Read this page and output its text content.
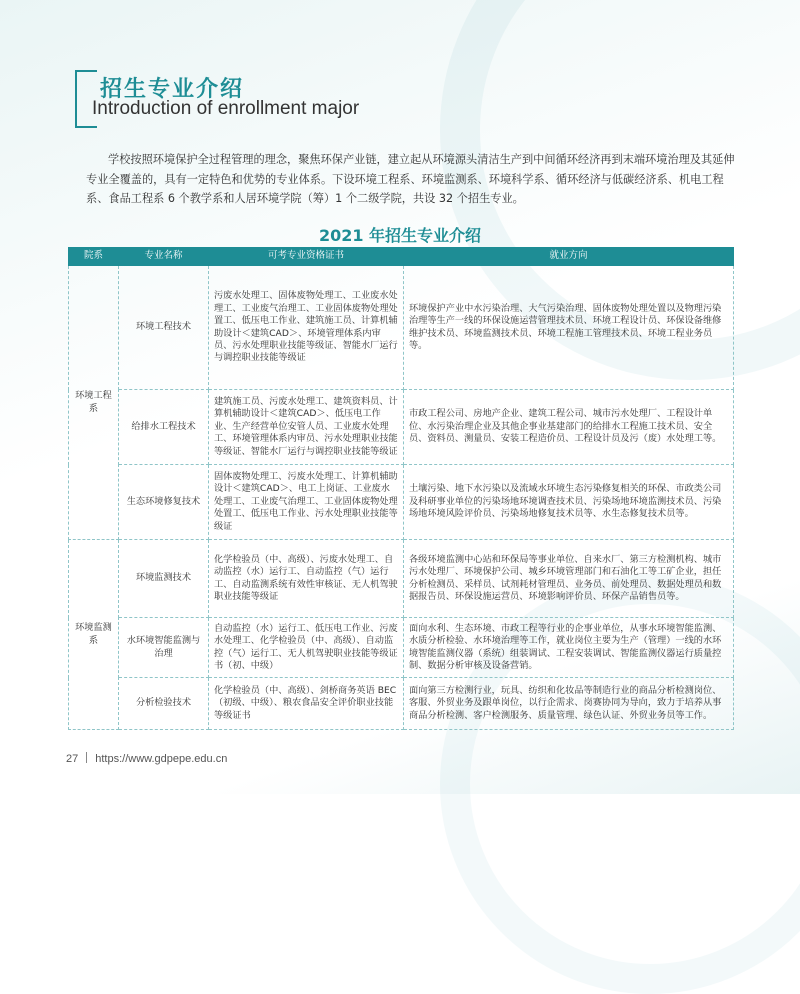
招生专业介绍
Introduction of enrollment major

学校按照环境保护全过程管理的理念，聚焦环保产业链，建立起从环境源头清洁生产到中间循环经济再到末端环境治理及其延伸专业全覆盖的，具有一定特色和优势的专业体系。下设环境工程系、环境监测系、环境科学系、循环经济与低碳经济系、机电工程系、食品工程系 6 个教学系和人居环境学院（筹）1 个二级学院，共设 32 个招生专业。

2021 年招生专业介绍
院系	专业名称	可考专业资格证书	就业方向
环境工程系	环境工程技术	污废水处理工、固体废物处理工、工业废水处理工、工业废气治理工、工业固体废物处理处置工、低压电工作业、建筑施工员、计算机辅助设计＜建筑CAD＞、环境管理体系内审员、污水处理职业技能等级证、智能水厂运行与调控职业技能等级证	环境保护产业中水污染治理、大气污染治理、固体废物处理处置以及物理污染治理等生产一线的环保设施运营管理技术员、环境工程设计员、环保设备维修维护技术员、环境监测技术员、环境工程施工管理技术员、环境工程业务员等。
	给排水工程技术	建筑施工员、污废水处理工、建筑资料员、计算机辅助设计＜建筑CAD＞、低压电工作业、生产经营单位安管人员、工业废水处理工、环境管理体系内审员、污水处理职业技能等级证、智能水厂运行与调控职业技能等级证	市政工程公司、房地产企业、建筑工程公司、城市污水处理厂、工程设计单位、水污染治理企业及其他企事业基建部门的给排水工程施工技术员、安全员、资料员、测量员、安装工程造价员、工程设计员及污（废）水处理工等。
	生态环境修复技术	固体废物处理工、污废水处理工、计算机辅助设计＜建筑CAD＞、电工上岗证、工业废水处理工、工业废气治理工、工业固体废物处理处置工、低压电工作业、污水处理职业技能等级证	土壤污染、地下水污染以及流域水环境生态污染修复相关的环保、市政类公司及科研事业单位的污染场地环境调查技术员、污染场地环境监测技术员、污染场地环境风险评价员、污染场地修复技术员等、水生态修复技术员等。
环境监测系	环境监测技术	化学检验员（中、高级）、污废水处理工、自动监控（水）运行工、自动监控（气）运行工、自动监测系统有效性审核证、无人机驾驶职业技能等级证	各级环境监测中心站和环保局等事业单位、自来水厂、第三方检测机构、城市污水处理厂、环境保护公司、城乡环境管理部门和石油化工等工矿企业，担任分析检测员、采样员、试剂耗材管理员、业务员、前处理员、数据处理员和数据报告员、环保设施运营员、环境影响评价员、环保产品销售员等。
	水环境智能监测与治理	自动监控（水）运行工、低压电工作业、污废水处理工、化学检验员（中、高级）、自动监控（气）运行工、无人机驾驶职业技能等级证书（初、中级）	面向水利、生态环境、市政工程等行业的企事业单位，从事水环境智能监测、水质分析检验、水环境治理等工作，就业岗位主要为生产（管理）一线的水环境智能监测仪器（系统）组装调试、工程安装调试、智能监测仪器运行质量控制、数据分析审核及设备营销。
	分析检验技术	化学检验员（中、高级）、剑桥商务英语 BEC（初级、中级）、粮农食品安全评价职业技能等级证书	面向第三方检测行业，玩具、纺织和化妆品等制造行业的商品分析检测岗位、客服、外贸业务及跟单岗位，以行企需求、岗赛协同为导向，致力于培养从事商品分析检测、客户检测服务、质量管理、绿色认证、外贸业务员等工作。
27 https://www.gdpepe.edu.cn
